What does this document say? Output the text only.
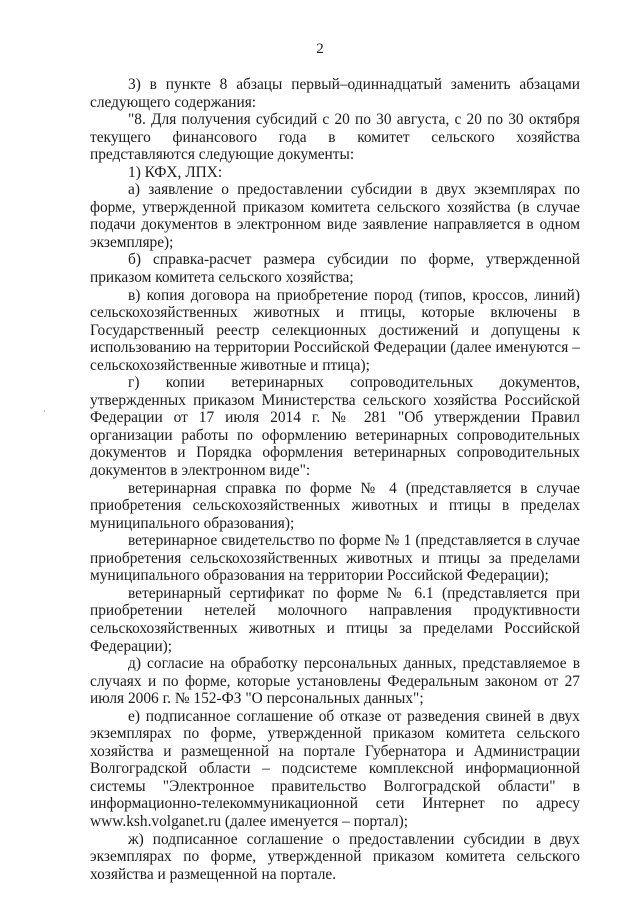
2

3) в пункте 8 абзацы первый–одиннадцатый заменить абзацами следующего содержания:

"8. Для получения субсидий с 20 по 30 августа, с 20 по 30 октября текущего финансового года в комитет сельского хозяйства представляются следующие документы:

1) КФХ, ЛПХ:

а) заявление о предоставлении субсидии в двух экземплярах по форме, утвержденной приказом комитета сельского хозяйства (в случае подачи документов в электронном виде заявление направляется в одном экземпляре);

б) справка-расчет размера субсидии по форме, утвержденной приказом комитета сельского хозяйства;

в) копия договора на приобретение пород (типов, кроссов, линий) сельскохозяйственных животных и птицы, которые включены в Государственный реестр селекционных достижений и допущены к использованию на территории Российской Федерации (далее именуются – сельскохозяйственные животные и птица);

г) копии ветеринарных сопроводительных документов, утвержденных приказом Министерства сельского хозяйства Российской Федерации от 17 июля 2014 г. № 281 "Об утверждении Правил организации работы по оформлению ветеринарных сопроводительных документов и Порядка оформления ветеринарных сопроводительных документов в электронном виде":

ветеринарная справка по форме № 4 (представляется в случае приобретения сельскохозяйственных животных и птицы в пределах муниципального образования);

ветеринарное свидетельство по форме № 1 (представляется в случае приобретения сельскохозяйственных животных и птицы за пределами муниципального образования на территории Российской Федерации);

ветеринарный сертификат по форме № 6.1 (представляется при приобретении нетелей молочного направления продуктивности сельскохозяйственных животных и птицы за пределами Российской Федерации);

д) согласие на обработку персональных данных, представляемое в случаях и по форме, которые установлены Федеральным законом от 27 июля 2006 г. № 152-ФЗ "О персональных данных";

е) подписанное соглашение об отказе от разведения свиней в двух экземплярах по форме, утвержденной приказом комитета сельского хозяйства и размещенной на портале Губернатора и Администрации Волгоградской области – подсистеме комплексной информационной системы "Электронное правительство Волгоградской области" в информационно-телекоммуникационной сети Интернет по адресу www.ksh.volganet.ru (далее именуется – портал);

ж) подписанное соглашение о предоставлении субсидии в двух экземплярах по форме, утвержденной приказом комитета сельского хозяйства и размещенной на портале.
